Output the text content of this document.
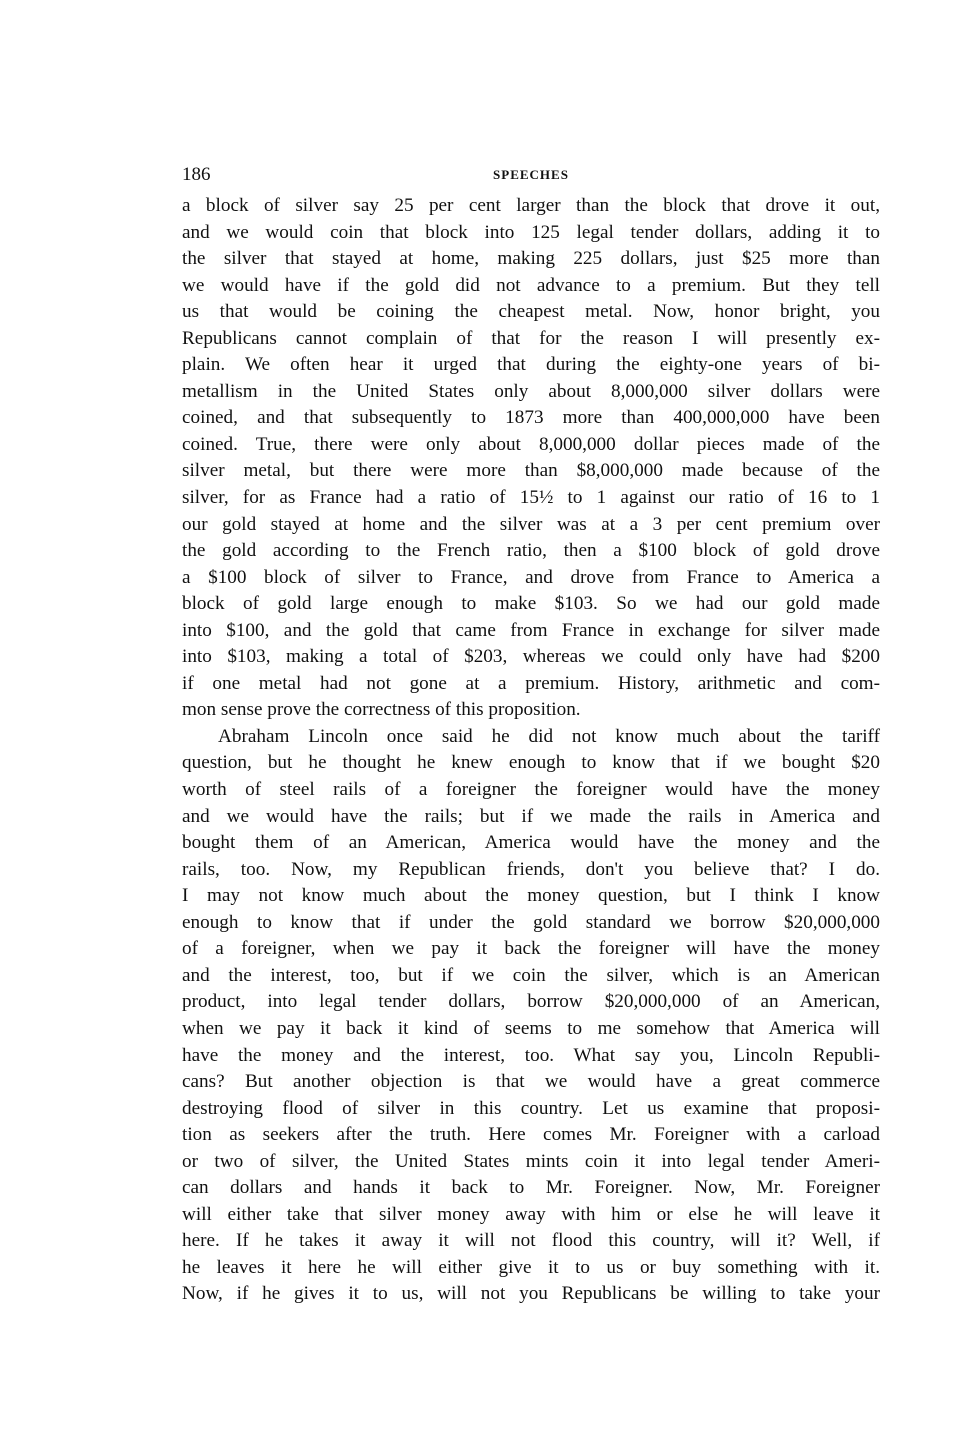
186	SPEECHES
a block of silver say 25 per cent larger than the block that drove it out,
and we would coin that block into 125 legal tender dollars, adding it to
the silver that stayed at home, making 225 dollars, just $25 more than
we would have if the gold did not advance to a premium. But they tell
us that would be coining the cheapest metal. Now, honor bright, you
Republicans cannot complain of that for the reason I will presently ex-
plain. We often hear it urged that during the eighty-one years of bi-
metallism in the United States only about 8,000,000 silver dollars were
coined, and that subsequently to 1873 more than 400,000,000 have been
coined. True, there were only about 8,000,000 dollar pieces made of the
silver metal, but there were more than $8,000,000 made because of the
silver, for as France had a ratio of 15½ to 1 against our ratio of 16 to 1
our gold stayed at home and the silver was at a 3 per cent premium over
the gold according to the French ratio, then a $100 block of gold drove
a $100 block of silver to France, and drove from France to America a
block of gold large enough to make $103. So we had our gold made
into $100, and the gold that came from France in exchange for silver made
into $103, making a total of $203, whereas we could only have had $200
if one metal had not gone at a premium. History, arithmetic and com-
mon sense prove the correctness of this proposition.
Abraham Lincoln once said he did not know much about the tariff
question, but he thought he knew enough to know that if we bought $20
worth of steel rails of a foreigner the foreigner would have the money
and we would have the rails; but if we made the rails in America and
bought them of an American, America would have the money and the
rails, too. Now, my Republican friends, don't you believe that? I do.
I may not know much about the money question, but I think I know
enough to know that if under the gold standard we borrow $20,000,000
of a foreigner, when we pay it back the foreigner will have the money
and the interest, too, but if we coin the silver, which is an American
product, into legal tender dollars, borrow $20,000,000 of an American,
when we pay it back it kind of seems to me somehow that America will
have the money and the interest, too. What say you, Lincoln Republi-
cans? But another objection is that we would have a great commerce
destroying flood of silver in this country. Let us examine that proposi-
tion as seekers after the truth. Here comes Mr. Foreigner with a carload
or two of silver, the United States mints coin it into legal tender Ameri-
can dollars and hands it back to Mr. Foreigner. Now, Mr. Foreigner
will either take that silver money away with him or else he will leave it
here. If he takes it away it will not flood this country, will it? Well, if
he leaves it here he will either give it to us or buy something with it.
Now, if he gives it to us, will not you Republicans be willing to take your
